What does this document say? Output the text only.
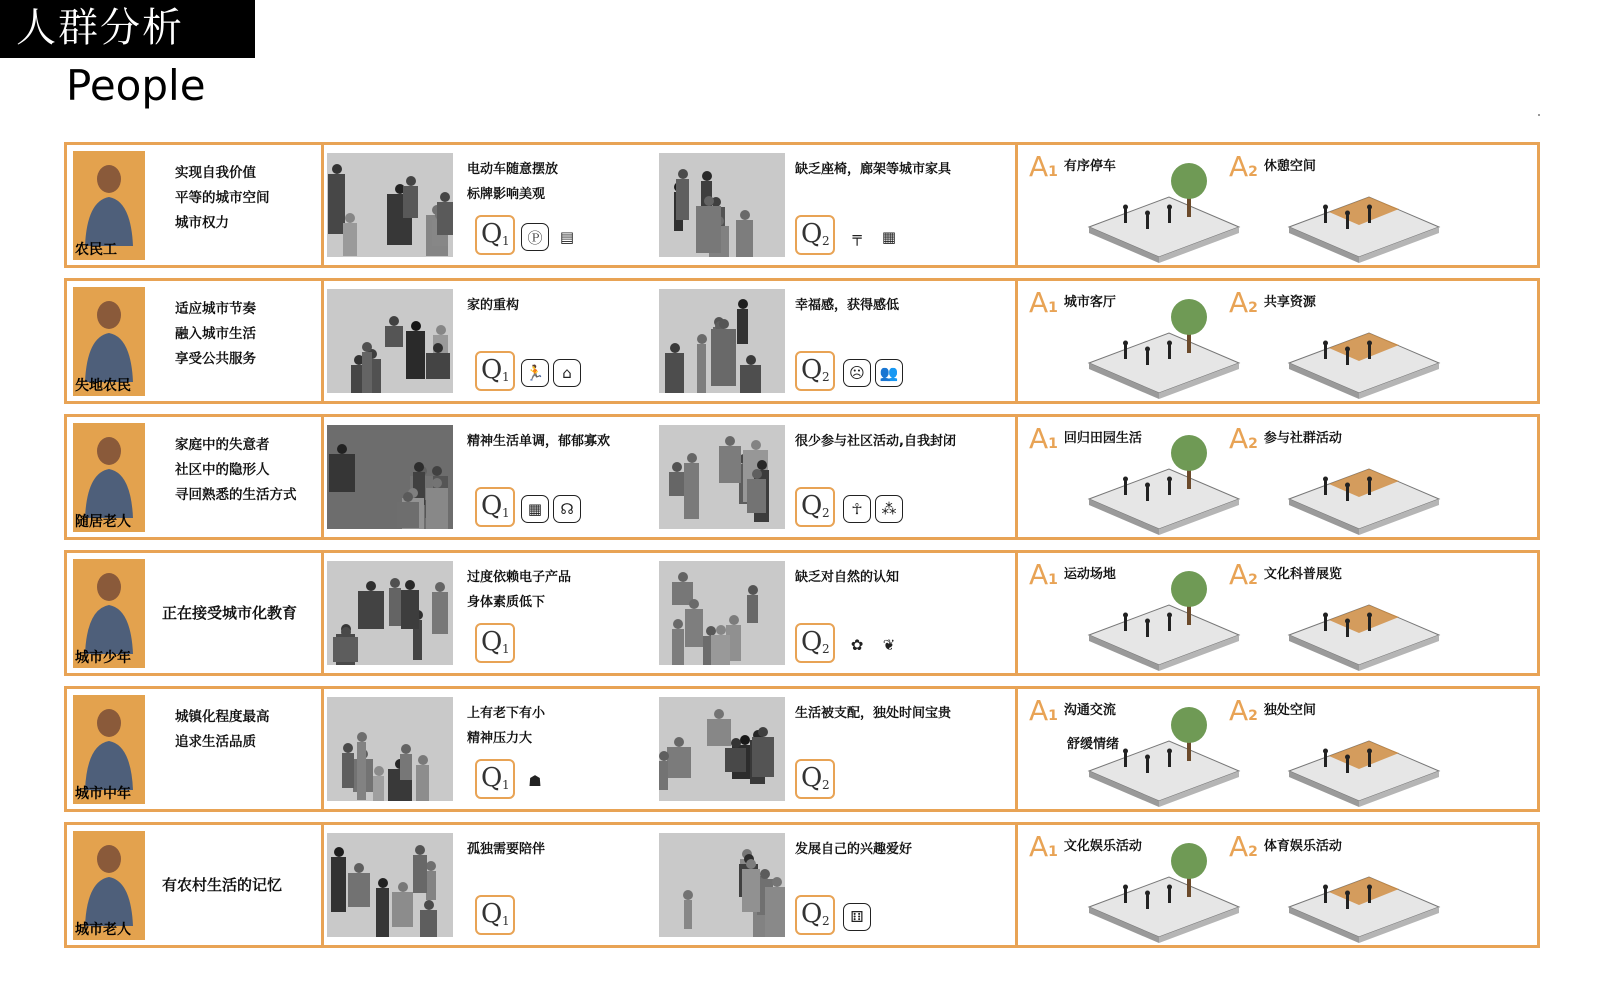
人群分析
People
农民工
实现自我价值
平等的城市空间
城市权力
电动车随意摆放
标牌影响美观
Q 1	Ⓟ	▤
缺乏座椅，廊架等城市家具
Q 2	╤	▦
A1 $^{有序停车}$	A2 $^{休憩空间}$
失地农民
适应城市节奏
融入城市生活
享受公共服务
家的重构
Q 1	🏃	⌂
幸福感，获得感低
Q 2	☹ 👥
A1 $^{城市客厅}$	A2 $^{共享资源}$
随居老人
家庭中的失意者
社区中的隐形人
寻回熟悉的生活方式
精神生活单调，郁郁寡欢
Q 1	▦	☊
很少参与社区活动,自我封闭
Q 2	☥	⁂
A1 $^{回归田园生活}$	A2 $^{参与社群活动}$
城市少年
正在接受城市化教育
过度依赖电子产品
身体素质低下
Q 1
缺乏对自然的认知
Q 2	✿	❦
A1 $^{运动场地}$	A2 $^{文化科普展览}$
城市中年
城镇化程度最高
追求生活品质
上有老下有小
精神压力大
Q 1	☗
生活被支配，独处时间宝贵
Q 2
A1 $^{沟通交流}$
舒缓情绪
A2 $^{独处空间}$
城市老人
有农村生活的记忆
孤独需要陪伴
Q 1
发展自己的兴趣爱好
Q 2	⚅
A1 $^{文化娱乐活动}$	A2 $^{体育娱乐活动}$
